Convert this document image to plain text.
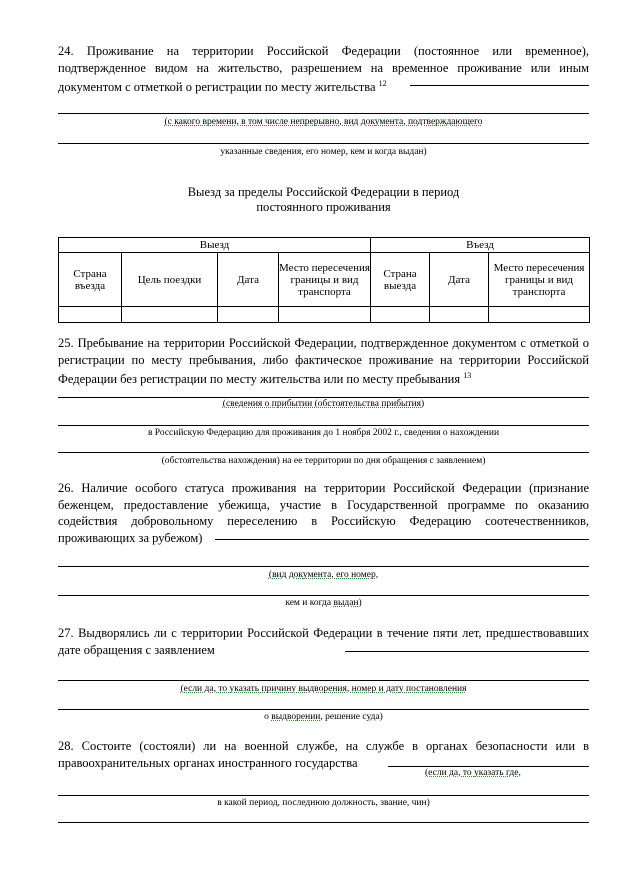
24. Проживание на территории Российской Федерации (постоянное или временное), подтвержденное видом на жительство, разрешением на временное проживание или иным документом с отметкой о регистрации по месту жительства $^{12}$
(с какого времени, в том числе непрерывно, вид документа, подтверждающего
указанные сведения, его номер, кем и когда выдан)
Выезд за пределы Российской Федерации в период
постоянного проживания
Выезд				Въезд		
Страна въезда	Цель поездки	Дата	Место пересечения границы и вид транспорта	Страна выезда	Дата	Место пересечения границы и вид транспорта

25. Пребывание на территории Российской Федерации, подтвержденное документом с отметкой о регистрации по месту пребывания, либо фактическое проживание на территории Российской Федерации без регистрации по месту жительства или по месту пребывания $^{13}$
(сведения о прибытии (обстоятельства прибытия)
в Российскую Федерацию для проживания до 1 ноября 2002 г., сведения о нахождении
(обстоятельства нахождения) на ее территории по дня обращения с заявлением)
26. Наличие особого статуса проживания на территории Российской Федерации (признание беженцем, предоставление убежища, участие в Государственной программе по оказанию содействия добровольному переселению в Российскую Федерацию соотечественников, проживающих за рубежом)
(вид документа, его номер,
кем и когда выдан)
27. Выдворялись ли с территории Российской Федерации в течение пяти лет, предшествовавших дате обращения с заявлением
(если да, то указать причину выдворения, номер и дату постановления
о выдворении, решение суда)
28. Состоите (состояли) ли на военной службе, на службе в органах безопасности или в правоохранительных органах иностранного государства
(если да, то указать где,
в какой период, последнюю должность, звание, чин)
